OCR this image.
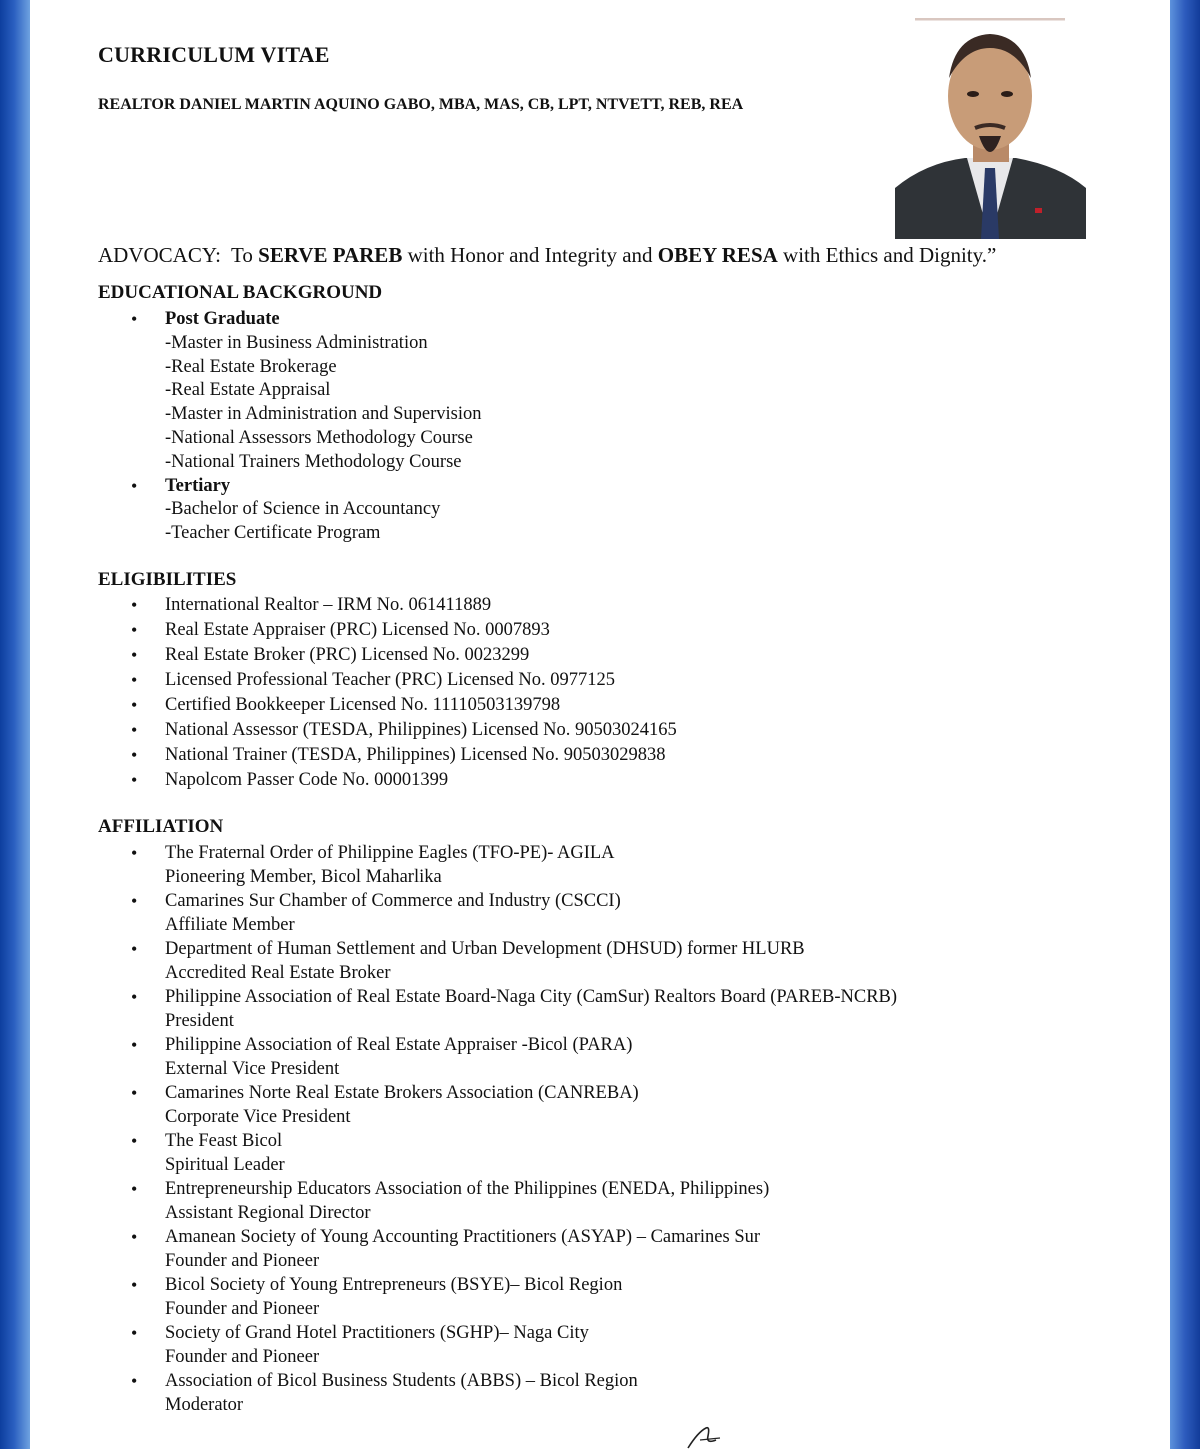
CURRICULUM VITAE
REALTOR DANIEL MARTIN AQUINO GABO, MBA, MAS, CB, LPT, NTVETT, REB, REA
ADVOCACY: To SERVE PAREB with Honor and Integrity and OBEY RESA with Ethics and Dignity.”
EDUCATIONAL BACKGROUND
• Post Graduate
-Master in Business Administration
-Real Estate Brokerage
-Real Estate Appraisal
-Master in Administration and Supervision
-National Assessors Methodology Course
-National Trainers Methodology Course
• Tertiary
-Bachelor of Science in Accountancy
-Teacher Certificate Program
ELIGIBILITIES
• International Realtor – IRM No. 061411889
• Real Estate Appraiser (PRC) Licensed No. 0007893
• Real Estate Broker (PRC) Licensed No. 0023299
• Licensed Professional Teacher (PRC) Licensed No. 0977125
• Certified Bookkeeper Licensed No. 11110503139798
• National Assessor (TESDA, Philippines) Licensed No. 90503024165
• National Trainer (TESDA, Philippines) Licensed No. 90503029838
• Napolcom Passer Code No. 00001399
AFFILIATION
• The Fraternal Order of Philippine Eagles (TFO-PE)- AGILA
Pioneering Member, Bicol Maharlika
• Camarines Sur Chamber of Commerce and Industry (CSCCI)
Affiliate Member
• Department of Human Settlement and Urban Development (DHSUD) former HLURB
Accredited Real Estate Broker
• Philippine Association of Real Estate Board-Naga City (CamSur) Realtors Board (PAREB-NCRB)
President
• Philippine Association of Real Estate Appraiser -Bicol (PARA)
External Vice President
• Camarines Norte Real Estate Brokers Association (CANREBA)
Corporate Vice President
• The Feast Bicol
Spiritual Leader
• Entrepreneurship Educators Association of the Philippines (ENEDA, Philippines)
Assistant Regional Director
• Amanean Society of Young Accounting Practitioners (ASYAP) – Camarines Sur
Founder and Pioneer
• Bicol Society of Young Entrepreneurs (BSYE)– Bicol Region
Founder and Pioneer
• Society of Grand Hotel Practitioners (SGHP)– Naga City
Founder and Pioneer
• Association of Bicol Business Students (ABBS) – Bicol Region
Moderator
